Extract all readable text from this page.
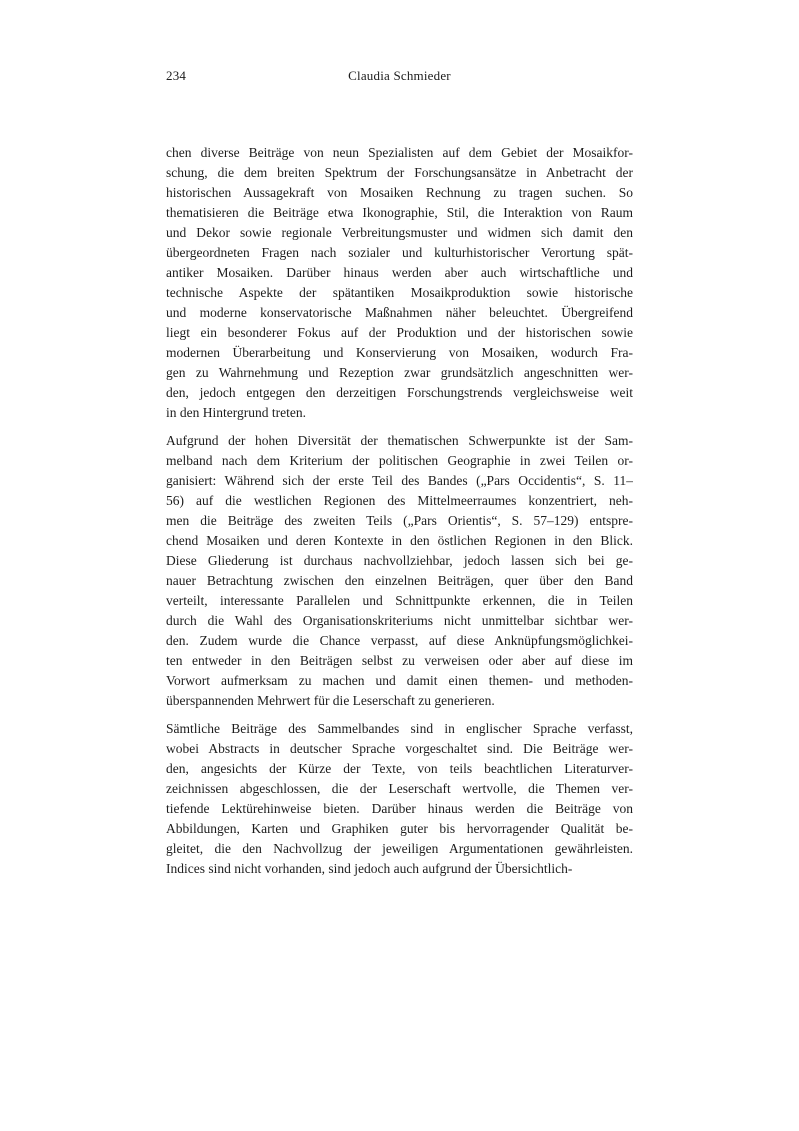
234	Claudia Schmieder
chen diverse Beiträge von neun Spezialisten auf dem Gebiet der Mosaikfor-
schung, die dem breiten Spektrum der Forschungsansätze in Anbetracht der
historischen Aussagekraft von Mosaiken Rechnung zu tragen suchen. So
thematisieren die Beiträge etwa Ikonographie, Stil, die Interaktion von Raum
und Dekor sowie regionale Verbreitungsmuster und widmen sich damit den
übergeordneten Fragen nach sozialer und kulturhistorischer Verortung spät-
antiker Mosaiken. Darüber hinaus werden aber auch wirtschaftliche und
technische Aspekte der spätantiken Mosaikproduktion sowie historische
und moderne konservatorische Maßnahmen näher beleuchtet. Übergreifend
liegt ein besonderer Fokus auf der Produktion und der historischen sowie
modernen Überarbeitung und Konservierung von Mosaiken, wodurch Fra-
gen zu Wahrnehmung und Rezeption zwar grundsätzlich angeschnitten wer-
den, jedoch entgegen den derzeitigen Forschungstrends vergleichsweise weit
in den Hintergrund treten.
Aufgrund der hohen Diversität der thematischen Schwerpunkte ist der Sam-
melband nach dem Kriterium der politischen Geographie in zwei Teilen or-
ganisiert: Während sich der erste Teil des Bandes („Pars Occidentis“, S. 11–
56) auf die westlichen Regionen des Mittelmeerraumes konzentriert, neh-
men die Beiträge des zweiten Teils („Pars Orientis“, S. 57–129) entspre-
chend Mosaiken und deren Kontexte in den östlichen Regionen in den Blick.
Diese Gliederung ist durchaus nachvollziehbar, jedoch lassen sich bei ge-
nauer Betrachtung zwischen den einzelnen Beiträgen, quer über den Band
verteilt, interessante Parallelen und Schnittpunkte erkennen, die in Teilen
durch die Wahl des Organisationskriteriums nicht unmittelbar sichtbar wer-
den. Zudem wurde die Chance verpasst, auf diese Anknüpfungsmöglichkei-
ten entweder in den Beiträgen selbst zu verweisen oder aber auf diese im
Vorwort aufmerksam zu machen und damit einen themen- und methoden-
überspannenden Mehrwert für die Leserschaft zu generieren.
Sämtliche Beiträge des Sammelbandes sind in englischer Sprache verfasst,
wobei Abstracts in deutscher Sprache vorgeschaltet sind. Die Beiträge wer-
den, angesichts der Kürze der Texte, von teils beachtlichen Literaturver-
zeichnissen abgeschlossen, die der Leserschaft wertvolle, die Themen ver-
tiefende Lektürehinweise bieten. Darüber hinaus werden die Beiträge von
Abbildungen, Karten und Graphiken guter bis hervorragender Qualität be-
gleitet, die den Nachvollzug der jeweiligen Argumentationen gewährleisten.
Indices sind nicht vorhanden, sind jedoch auch aufgrund der Übersichtlich-
